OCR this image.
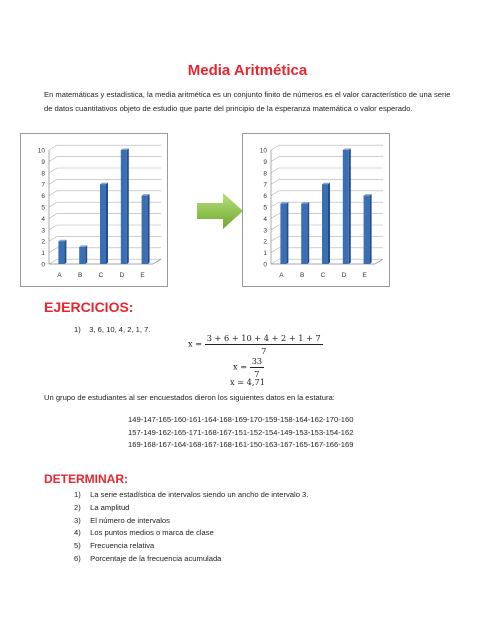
Media Aritmética
En matemáticas y estadística, la media aritmética es un conjunto finito de números es el valor característico de una serie de datos cuantitativos objeto de estudio que parte del principio de la esperanza matemática o valor esperado.
0
1
2
3
4
5
6
7
8
9
10
A	B	C D	E
0
1
2
3
4
5
6
7
8
9
10
A	B	C D	E
EJERCICIOS:
1) 3, 6, 10, 4, 2, 1, 7.
$x = \frac{3 + 6 + 10 + 4 + 2 + 1 + 7}{7}$
$x = \frac{33}{7}$
x = 4,71
Un grupo de estudiantes al ser encuestados dieron los siguientes datos en la estatura:
149-147-165-160-161-164-168-169-170-159-158-164-162-170-160
157-149-162-165-171-168-167-151-152-154-149-153-153-154-162
169-168-167-164-168-167-168-161-150-163-167-165-167-166-169
DETERMINAR:
1) La serie estadística de intervalos siendo un ancho de intervalo 3.
2) La amplitud
3) El número de intervalos
4) Los puntos medios o marca de clase
5) Frecuencia relativa
6) Porcentaje de la frecuencia acumulada
